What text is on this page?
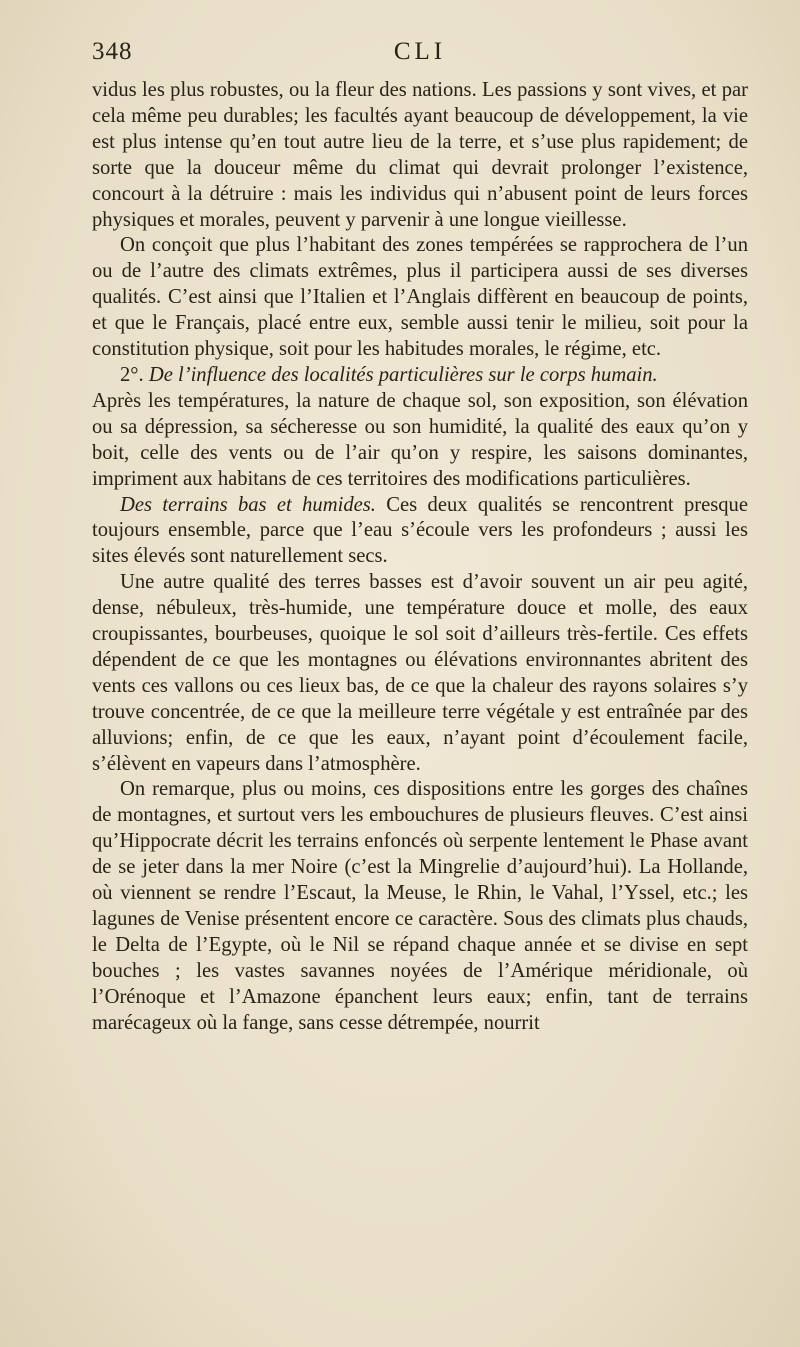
348	CLI

vidus les plus robustes, ou la fleur des nations. Les passions y sont vives, et par cela même peu durables; les facultés ayant beaucoup de développement, la vie est plus intense qu’en tout autre lieu de la terre, et s’use plus rapidement; de sorte que la douceur même du climat qui devrait prolonger l’existence, concourt à la détruire : mais les individus qui n’abusent point de leurs forces physiques et morales, peuvent y parvenir à une longue vieillesse.

On conçoit que plus l’habitant des zones tempérées se rapprochera de l’un ou de l’autre des climats extrêmes, plus il participera aussi de ses diverses qualités. C’est ainsi que l’Italien et l’Anglais diffèrent en beaucoup de points, et que le Français, placé entre eux, semble aussi tenir le milieu, soit pour la constitution physique, soit pour les habitudes morales, le régime, etc.

2°. De l’influence des localités particulières sur le corps humain.

Après les températures, la nature de chaque sol, son exposition, son élévation ou sa dépression, sa sécheresse ou son humidité, la qualité des eaux qu’on y boit, celle des vents ou de l’air qu’on y respire, les saisons dominantes, impriment aux habitans de ces territoires des modifications particulières.

Des terrains bas et humides. Ces deux qualités se rencontrent presque toujours ensemble, parce que l’eau s’écoule vers les profondeurs ; aussi les sites élevés sont naturellement secs.

Une autre qualité des terres basses est d’avoir souvent un air peu agité, dense, nébuleux, très-humide, une température douce et molle, des eaux croupissantes, bourbeuses, quoique le sol soit d’ailleurs très-fertile. Ces effets dépendent de ce que les montagnes ou élévations environnantes abritent des vents ces vallons ou ces lieux bas, de ce que la chaleur des rayons solaires s’y trouve concentrée, de ce que la meilleure terre végétale y est entraînée par des alluvions; enfin, de ce que les eaux, n’ayant point d’écoulement facile, s’élèvent en vapeurs dans l’atmosphère.

On remarque, plus ou moins, ces dispositions entre les gorges des chaînes de montagnes, et surtout vers les embouchures de plusieurs fleuves. C’est ainsi qu’Hippocrate décrit les terrains enfoncés où serpente lentement le Phase avant de se jeter dans la mer Noire (c’est la Mingrelie d’aujourd’hui). La Hollande, où viennent se rendre l’Escaut, la Meuse, le Rhin, le Vahal, l’Yssel, etc.; les lagunes de Venise présentent encore ce caractère. Sous des climats plus chauds, le Delta de l’Egypte, où le Nil se répand chaque année et se divise en sept bouches ; les vastes savannes noyées de l’Amérique méridionale, où l’Orénoque et l’Amazone épanchent leurs eaux; enfin, tant de terrains marécageux où la fange, sans cesse détrempée, nourrit
